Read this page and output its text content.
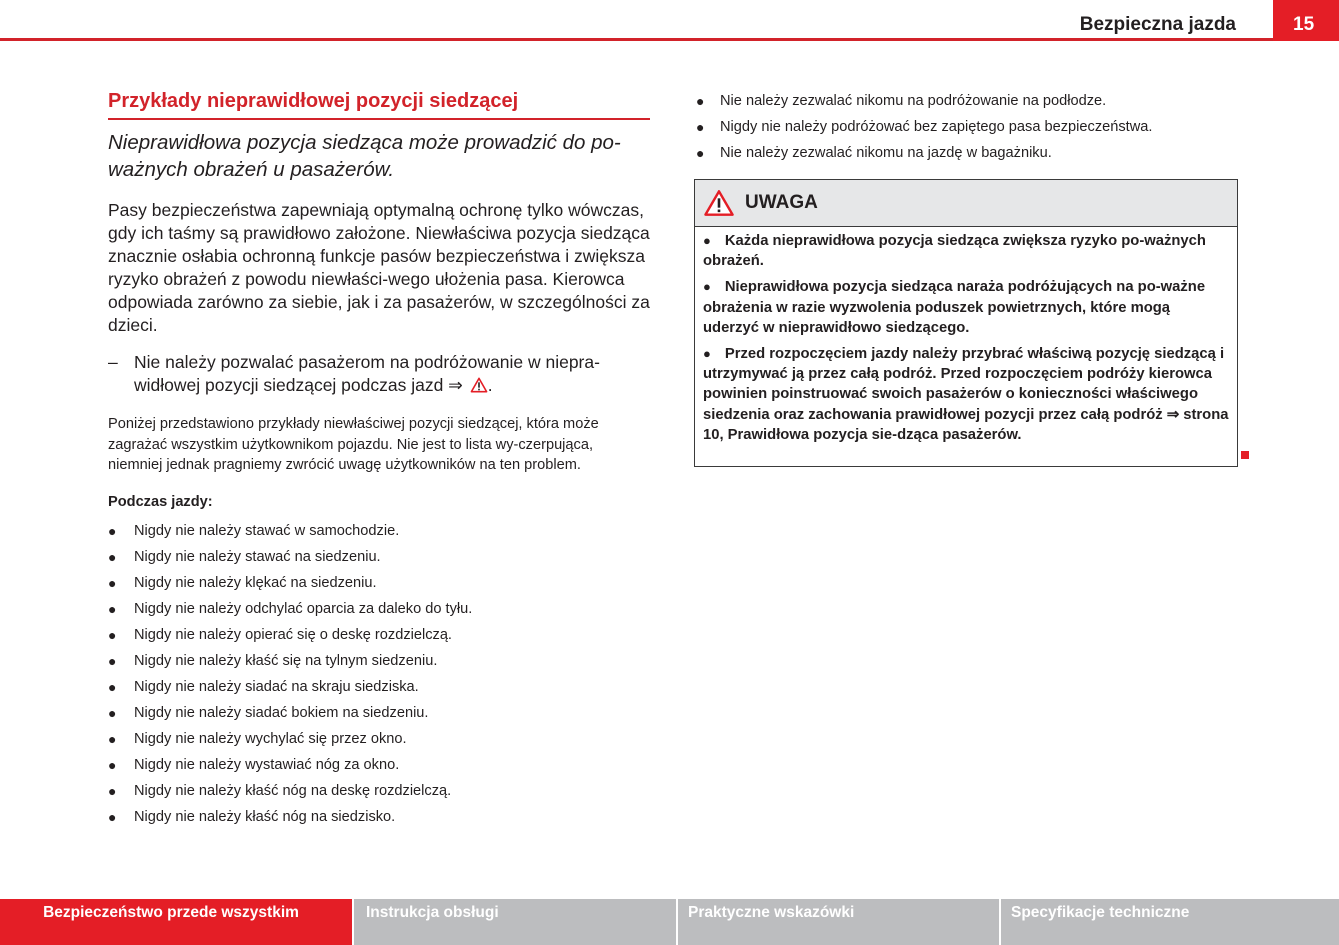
Bezpieczna jazda	15
Przykłady nieprawidłowej pozycji siedzącej

Nieprawidłowa pozycja siedząca może prowadzić do po-ważnych obrażeń u pasażerów.

Pasy bezpieczeństwa zapewniają optymalną ochronę tylko wówczas, gdy ich taśmy są prawidłowo założone. Niewłaściwa pozycja siedząca znacznie osłabia ochronną funkcje pasów bezpieczeństwa i zwiększa ryzyko obrażeń z powodu niewłaści-wego ułożenia pasa. Kierowca odpowiada zarówno za siebie, jak i za pasażerów, w szczególności za dzieci.

– Nie należy pozwalać pasażerom na podróżowanie w niepra-widłowej pozycji siedzącej podczas jazd ⇒ .

Poniżej przedstawiono przykłady niewłaściwej pozycji siedzącej, która może zagrażać wszystkim użytkownikom pojazdu. Nie jest to lista wy-czerpująca, niemniej jednak pragniemy zwrócić uwagę użytkowników na ten problem.

Podczas jazdy:

● Nigdy nie należy stawać w samochodzie.
● Nigdy nie należy stawać na siedzeniu.
● Nigdy nie należy klękać na siedzeniu.
● Nigdy nie należy odchylać oparcia za daleko do tyłu.
● Nigdy nie należy opierać się o deskę rozdzielczą.
● Nigdy nie należy kłaść się na tylnym siedzeniu.
● Nigdy nie należy siadać na skraju siedziska.
● Nigdy nie należy siadać bokiem na siedzeniu.
● Nigdy nie należy wychylać się przez okno.
● Nigdy nie należy wystawiać nóg za okno.
● Nigdy nie należy kłaść nóg na deskę rozdzielczą.
● Nigdy nie należy kłaść nóg na siedzisko.
● Nie należy zezwalać nikomu na podróżowanie na podłodze.
● Nigdy nie należy podróżować bez zapiętego pasa bezpieczeństwa.
● Nie należy zezwalać nikomu na jazdę w bagażniku.
UWAGA

● Każda nieprawidłowa pozycja siedząca zwiększa ryzyko po-ważnych obrażeń.

● Nieprawidłowa pozycja siedząca naraża podróżujących na po-ważne obrażenia w razie wyzwolenia poduszek powietrznych, które mogą uderzyć w nieprawidłowo siedzącego.

● Przed rozpoczęciem jazdy należy przybrać właściwą pozycję siedzącą i utrzymywać ją przez całą podróż. Przed rozpoczęciem podróży kierowca powinien poinstruować swoich pasażerów o konieczności właściwego siedzenia oraz zachowania prawidłowej pozycji przez całą podróż ⇒ strona 10, Prawidłowa pozycja sie-dząca pasażerów.

Bezpieczeństwo przede wszystkim	Instrukcja obsługi	Praktyczne wskazówki	Specyfikacje techniczne
